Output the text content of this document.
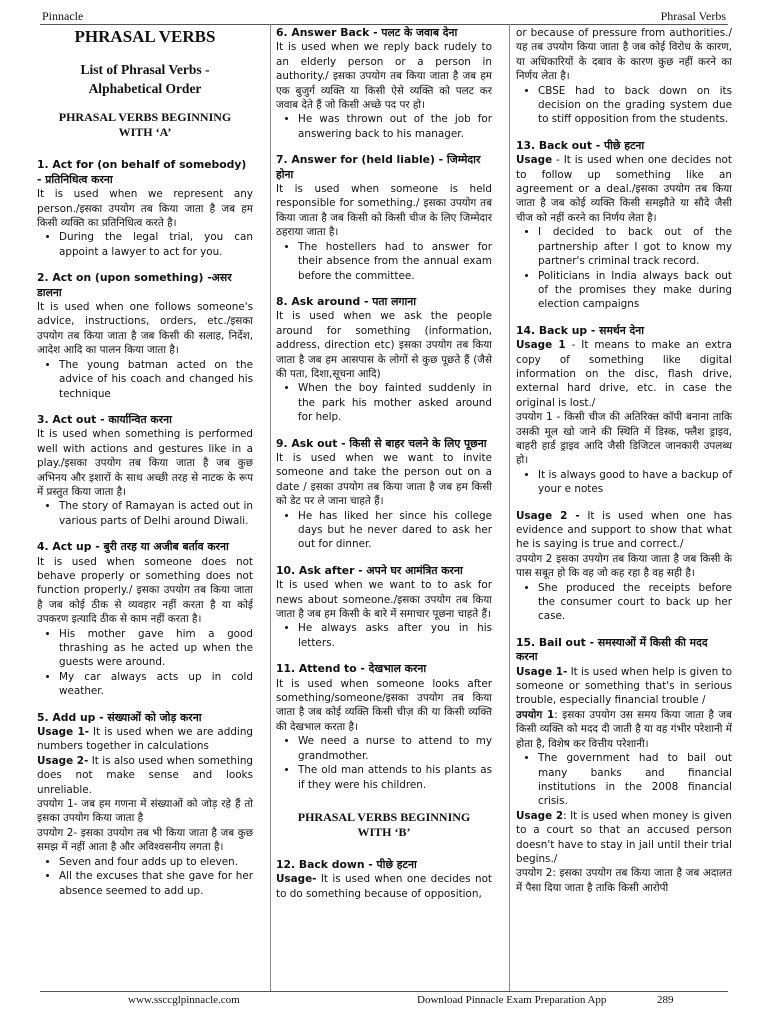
Pinnacle	Phrasal Verbs
PHRASAL VERBS
List of Phrasal Verbs -
Alphabetical Order
PHRASAL VERBS BEGINNING
WITH ‘A’

1. Act for (on behalf of somebody) - प्रतिनिधित्व करना

It is used when we represent any person./इसका उपयोग तब किया जाता है जब हम किसी व्यक्ति का प्रतिनिधित्व करते है।

• During the legal trial, you can appoint a lawyer to act for you.

2. Act on (upon something) -असर डालना

It is used when one follows someone's advice, instructions, orders, etc./इसका उपयोग तब किया जाता है जब किसी की सलाह, निर्देश, आदेश आदि का पालन किया जाता है।

• The young batman acted on the advice of his coach and changed his technique

3. Act out - कार्यान्वित करना

It is used when something is performed well with actions and gestures like in a play./इसका उपयोग तब किया जाता है जब कुछ अभिनय और इशारों के साथ अच्छी तरह से नाटक के रूप में प्रस्तुत किया जाता है।

• The story of Ramayan is acted out in various parts of Delhi around Diwali.

4. Act up - बुरी तरह या अजीब बर्ताव करना

It is used when someone does not behave properly or something does not function properly./ इसका उपयोग तब किया जाता है जब कोई ठीक से व्यवहार नहीं करता है या कोई उपकरण इत्यादि ठीक से काम नहीं करता है।

• His mother gave him a good thrashing as he acted up when the guests were around.
• My car always acts up in cold weather.

5. Add up - संख्याओं को जोड़ करना

Usage 1- It is used when we are adding numbers together in calculations

Usage 2- It is also used when something does not make sense and looks unreliable.

उपयोग 1- जब हम गणना में संख्याओं को जोड़ रहे हैं तो इसका उपयोग किया जाता है

उपयोग 2- इसका उपयोग तब भी किया जाता है जब कुछ समझ में नहीं आता है और अविश्वसनीय लगता है।

• Seven and four adds up to eleven.
• All the excuses that she gave for her absence seemed to add up.

6. Answer Back - पलट के जवाब देना

It is used when we reply back rudely to an elderly person or a person in authority./ इसका उपयोग तब किया जाता है जब हम एक बुजुर्ग व्यक्ति या किसी ऐसे व्यक्ति को पलट कर जवाब देते हैं जो किसी अच्छे पद पर हो।

• He was thrown out of the job for answering back to his manager.

7. Answer for (held liable) - जिम्मेदार होना

It is used when someone is held responsible for something./ इसका उपयोग तब किया जाता है जब किसी को किसी चीज के लिए जिम्मेदार ठहराया जाता है।

• The hostellers had to answer for their absence from the annual exam before the committee.

8. Ask around - पता लगाना

It is used when we ask the people around for something (information, address, direction etc) इसका उपयोग तब किया जाता है जब हम आसपास के लोगों से कुछ पूछते हैं (जैसे की पता, दिशा,सूचना आदि)

• When the boy fainted suddenly in the park his mother asked around for help.

9. Ask out - किसी से बाहर चलने के लिए पूछना

It is used when we want to invite someone and take the person out on a date / इसका उपयोग तब किया जाता है जब हम किसी को डेट पर ले जाना चाहते हैं।

• He has liked her since his college days but he never dared to ask her out for dinner.

10. Ask after - अपने घर आमंत्रित करना

It is used when we want to to ask for news about someone./इसका उपयोग तब किया जाता है जब हम किसी के बारे में समाचार पूछना चाहते हैं।

• He always asks after you in his letters.

11. Attend to - देखभाल करना

It is used when someone looks after something/someone/इसका उपयोग तब किया जाता है जब कोई व्यक्ति किसी चीज़ की या किसी व्यक्ति की देखभाल करता है।

• We need a nurse to attend to my grandmother.
• The old man attends to his plants as if they were his children.
PHRASAL VERBS BEGINNING
WITH ‘B’

12. Back down - पीछे हटना

Usage- It is used when one decides not to do something because of opposition,

or because of pressure from authorities./यह तब उपयोग किया जाता है जब कोई विरोध के कारण, या अधिकारियों के दबाव के कारण कुछ नहीं करने का निर्णय लेता है।

• CBSE had to back down on its decision on the grading system due to stiff opposition from the students.

13. Back out - पीछे हटना

Usage - It is used when one decides not to follow up something like an agreement or a deal./इसका उपयोग तब किया जाता है जब कोई व्यक्ति किसी समझौते या सौदे जैसी चीज को नहीं करने का निर्णय लेता है।

• I decided to back out of the partnership after I got to know my partner's criminal track record.
• Politicians in India always back out of the promises they make during election campaigns

14. Back up - समर्थन देना

Usage 1 - It means to make an extra copy of something like digital information on the disc, flash drive, external hard drive, etc. in case the original is lost./

उपयोग 1 - किसी चीज की अतिरिक्त कॉपी बनाना ताकि उसकी मूल खो जाने की स्थिति में डिस्क, फ्लैश ड्राइव, बाहरी हार्ड ड्राइव आदि जैसी डिजिटल जानकारी उपलब्ध हो।

• It is always good to have a backup of your e notes

Usage 2 - It is used when one has evidence and support to show that what he is saying is true and correct./

उपयोग 2 इसका उपयोग तब किया जाता है जब किसी के पास सबूत हो कि वह जो कह रहा है वह सही है।

• She produced the receipts before the consumer court to back up her case.

15. Bail out - समस्याओं में किसी की मदद करना

Usage 1- It is used when help is given to someone or something that's in serious trouble, especially financial trouble /

उपयोग 1: इसका उपयोग उस समय किया जाता है जब किसी व्यक्ति को मदद दी जाती है या वह गंभीर परेशानी में होता है, विशेष कर वित्तीय परेशानी।

• The government had to bail out many banks and financial institutions in the 2008 financial crisis.

Usage 2: It is used when money is given to a court so that an accused person doesn't have to stay in jail until their trial begins./

उपयोग 2: इसका उपयोग तब किया जाता है जब अदालत में पैसा दिया जाता है ताकि किसी आरोपी

www.ssccglpinnacle.com	Download Pinnacle Exam Preparation App	289
